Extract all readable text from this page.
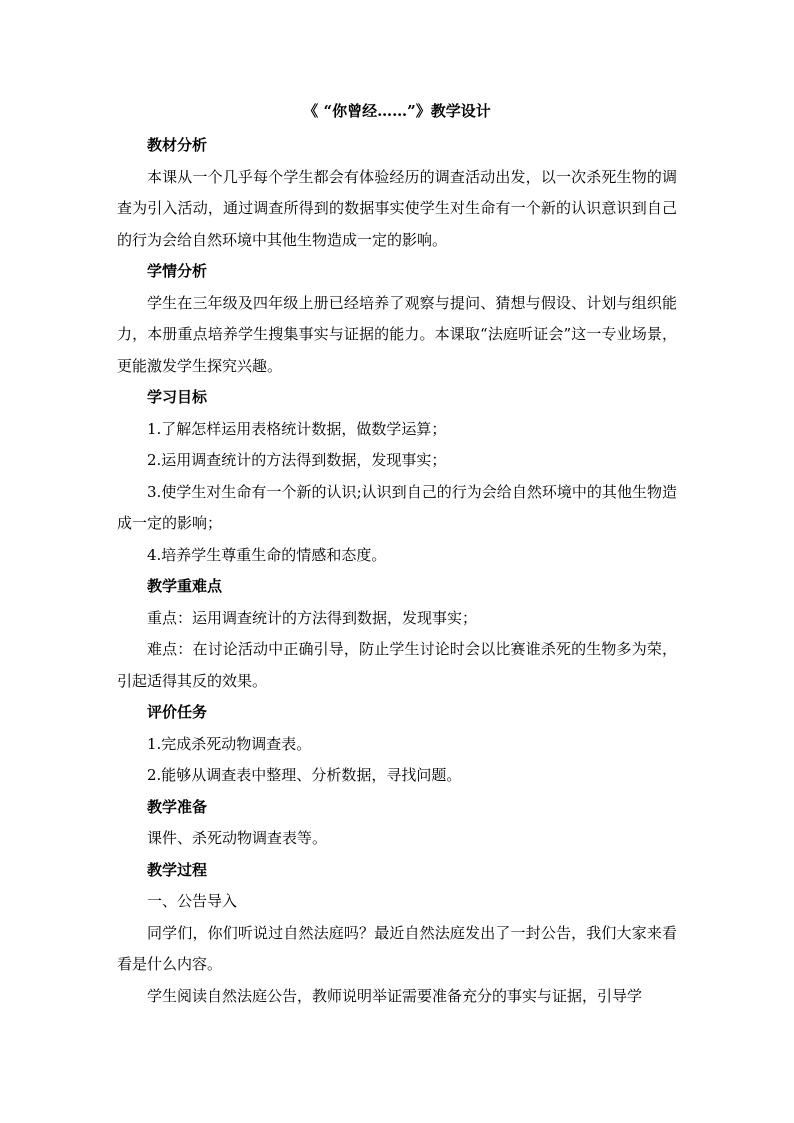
《 “你曾经……”》教学设计

教材分析

本课从一个几乎每个学生都会有体验经历的调查活动出发，以一次杀死生物的调查为引入活动，通过调查所得到的数据事实使学生对生命有一个新的认识意识到自己的行为会给自然环境中其他生物造成一定的影响。

学情分析

学生在三年级及四年级上册已经培养了观察与提问、猜想与假设、计划与组织能力，本册重点培养学生搜集事实与证据的能力。本课取“法庭听证会”这一专业场景，更能激发学生探究兴趣。

学习目标

1.了解怎样运用表格统计数据，做数学运算；

2.运用调查统计的方法得到数据，发现事实；

3.使学生对生命有一个新的认识;认识到自己的行为会给自然环境中的其他生物造成一定的影响；

4.培养学生尊重生命的情感和态度。

教学重难点

重点：运用调查统计的方法得到数据，发现事实；

难点：在讨论活动中正确引导，防止学生讨论时会以比赛谁杀死的生物多为荣，引起适得其反的效果。

评价任务

1.完成杀死动物调查表。

2.能够从调查表中整理、分析数据，寻找问题。

教学准备

课件、杀死动物调查表等。

教学过程

一、公告导入

同学们，你们听说过自然法庭吗？最近自然法庭发出了一封公告，我们大家来看看是什么内容。

学生阅读自然法庭公告，教师说明举证需要准备充分的事实与证据，引导学
